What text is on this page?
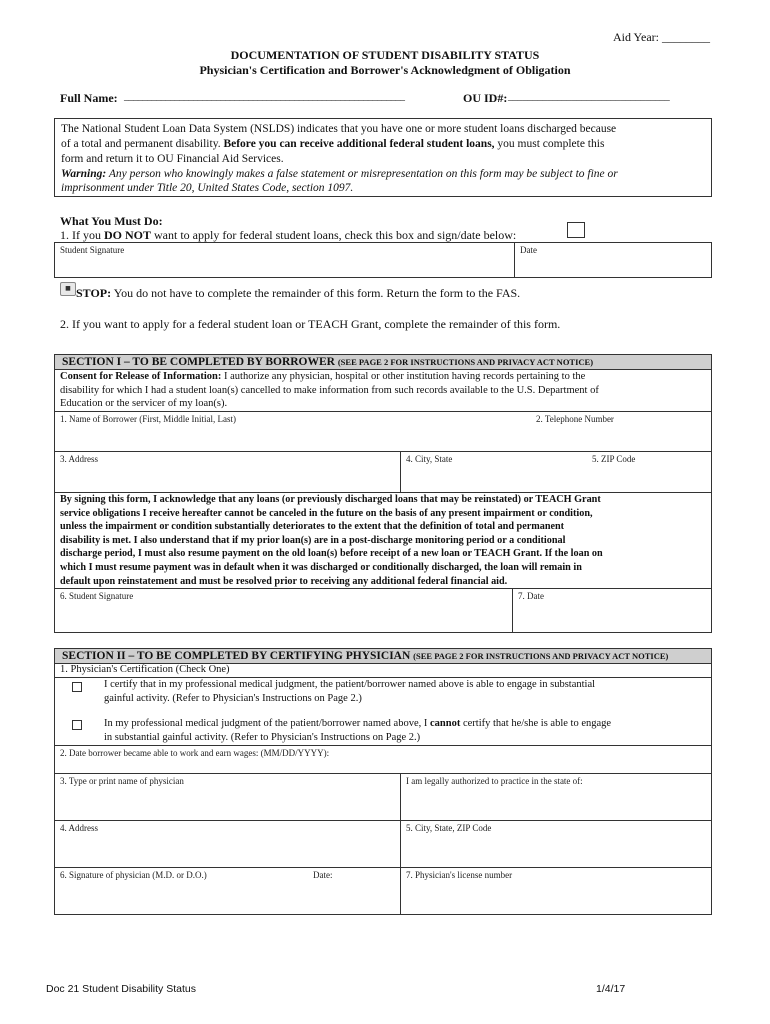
Aid Year: ________
DOCUMENTATION OF STUDENT DISABILITY STATUS
Physician's Certification and Borrower's Acknowledgment of Obligation
Full Name: _____________________________________________________________	OU ID#: _________________________________
The National Student Loan Data System (NSLDS) indicates that you have one or more student loans discharged because
of a total and permanent disability. Before you can receive additional federal student loans, you must complete this
form and return it to OU Financial Aid Services.
Warning: Any person who knowingly makes a false statement or misrepresentation on this form may be subject to fine or
imprisonment under Title 20, United States Code, section 1097.
What You Must Do:
1. If you DO NOT want to apply for federal student loans, check this box and sign/date below:
Student Signature	Date
■ STOP: You do not have to complete the remainder of this form. Return the form to the FAS.
2. If you want to apply for a federal student loan or TEACH Grant, complete the remainder of this form.
SECTION I – TO BE COMPLETED BY BORROWER (SEE PAGE 2 FOR INSTRUCTIONS AND PRIVACY ACT NOTICE)
Consent for Release of Information: I authorize any physician, hospital or other institution having records pertaining to the
disability for which I had a student loan(s) cancelled to make information from such records available to the U.S. Department of
Education or the servicer of my loan(s).
1. Name of Borrower (First, Middle Initial, Last)	2. Telephone Number
3. Address	4. City, State	5. ZIP Code
By signing this form, I acknowledge that any loans (or previously discharged loans that may be reinstated) or TEACH Grant
service obligations I receive hereafter cannot be canceled in the future on the basis of any present impairment or condition,
unless the impairment or condition substantially deteriorates to the extent that the definition of total and permanent
disability is met. I also understand that if my prior loan(s) are in a post-discharge monitoring period or a conditional
discharge period, I must also resume payment on the old loan(s) before receipt of a new loan or TEACH Grant. If the loan on
which I must resume payment was in default when it was discharged or conditionally discharged, the loan will remain in
default upon reinstatement and must be resolved prior to receiving any additional federal financial aid.
6. Student Signature	7. Date
SECTION II – TO BE COMPLETED BY CERTIFYING PHYSICIAN (SEE PAGE 2 FOR INSTRUCTIONS AND PRIVACY ACT NOTICE)
1. Physician's Certification (Check One)
I certify that in my professional medical judgment, the patient/borrower named above is able to engage in substantial
gainful activity. (Refer to Physician's Instructions on Page 2.)
In my professional medical judgment of the patient/borrower named above, I cannot certify that he/she is able to engage
in substantial gainful activity. (Refer to Physician's Instructions on Page 2.)
2. Date borrower became able to work and earn wages: (MM/DD/YYYY):
3. Type or print name of physician	I am legally authorized to practice in the state of:
4. Address	5. City, State, ZIP Code
6. Signature of physician (M.D. or D.O.)	Date:	7. Physician's license number
Doc 21 Student Disability Status	1/4/17
